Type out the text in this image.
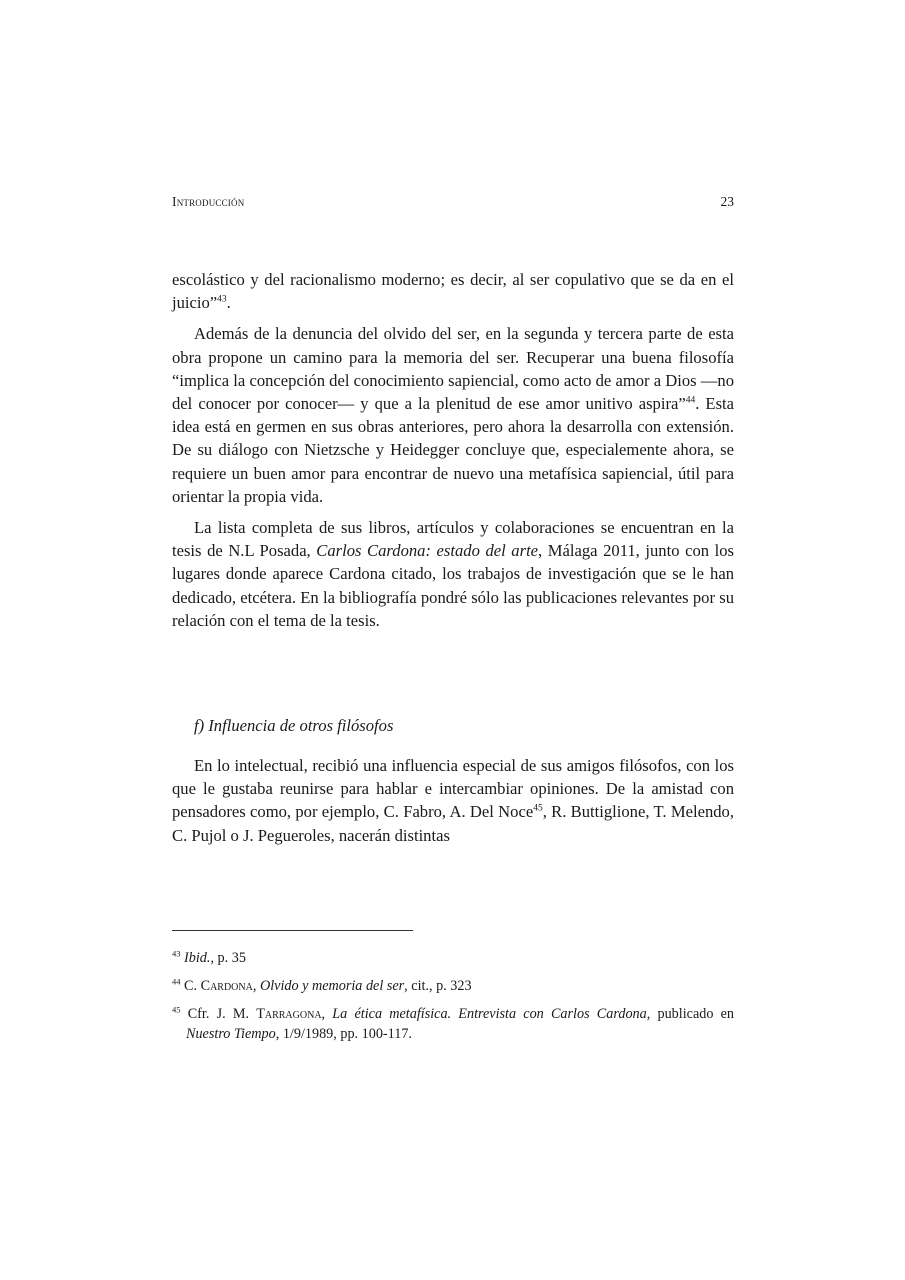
Introducción	23

escolástico y del racionalismo moderno; es decir, al ser copulativo que se da en el juicio”$^{43}$.

Además de la denuncia del olvido del ser, en la segunda y tercera parte de esta obra propone un camino para la memoria del ser. Recuperar una buena filosofía “implica la concepción del conocimiento sapiencial, como acto de amor a Dios —no del conocer por conocer— y que a la plenitud de ese amor unitivo aspira”$^{44}$. Esta idea está en germen en sus obras anteriores, pero ahora la desarrolla con extensión. De su diálogo con Nietzsche y Heidegger concluye que, especialemente ahora, se requiere un buen amor para encontrar de nuevo una metafísica sapiencial, útil para orientar la propia vida.

La lista completa de sus libros, artículos y colaboraciones se encuentran en la tesis de N.L Posada, Carlos Cardona: estado del arte, Málaga 2011, junto con los lugares donde aparece Cardona citado, los trabajos de investigación que se le han dedicado, etcétera. En la bibliografía pondré sólo las publicaciones relevantes por su relación con el tema de la tesis.

f) Influencia de otros filósofos

En lo intelectual, recibió una influencia especial de sus amigos filósofos, con los que le gustaba reunirse para hablar e intercambiar opiniones. De la amistad con pensadores como, por ejemplo, C. Fabro, A. Del Noce$^{45}$, R. Buttiglione, T. Melendo, C. Pujol o J. Pegueroles, nacerán distintas

$^{43}$ Ibid., p. 35
$^{44}$ C. Cardona, Olvido y memoria del ser, cit., p. 323
$^{45}$ Cfr. J. M. Tarragona, La ética metafísica. Entrevista con Carlos Cardona, publicado en Nuestro Tiempo, 1/9/1989, pp. 100-117.
